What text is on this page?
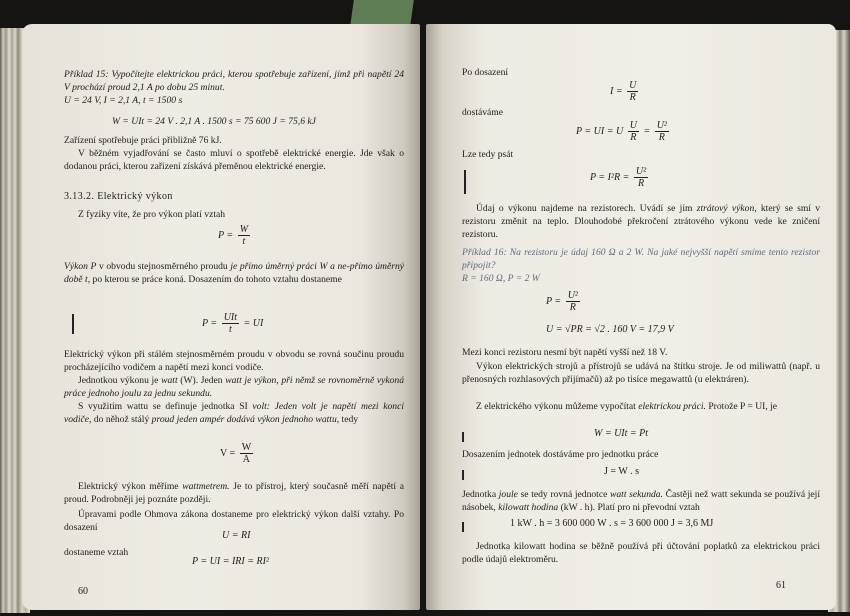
Příklad 15: Vypočítejte elektrickou práci, kterou spotřebuje zařízení, jímž při napětí 24 V prochází proud 2,1 A po dobu 25 minut.
U = 24 V, I = 2,1 A, t = 1500 s
W = UIt = 24 V . 2,1 A . 1500 s = 75 600 J = 75,6 kJ
Zařízení spotřebuje práci přibližně 76 kJ.
V běžném vyjadřování se často mluví o spotřebě elektrické energie. Jde však o dodanou práci, kterou zařízení získává přeměnou elektrické energie.
3.13.2. Elektrický výkon
Z fyziky víte, že pro výkon platí vztah
$P = \frac{W}{t}$
Výkon P v obvodu stejnosměrného proudu je přímo úměrný práci W a ne-přímo úměrný době t, po kterou se práce koná. Dosazením do tohoto vztahu dostaneme
$P = \frac{\text{UIt}}{t}$ = UI
Elektrický výkon při stálém stejnosměrném proudu v obvodu se rovná součinu proudu procházejícího vodičem a napětí mezi konci vodiče.
Jednotkou výkonu je watt (W). Jeden watt je výkon, při němž se rovnoměrně vykoná práce jednoho joulu za jednu sekundu.
S využitím wattu se definuje jednotka SI volt: Jeden volt je napětí mezi konci vodiče, do něhož stálý proud jeden ampér dodává výkon jednoho wattu, tedy
$V = \frac{W}{A}$
Elektrický výkon měříme wattmetrem. Je to přístroj, který současně měří napětí a proud. Podrobněji jej poznáte později.
Úpravami podle Ohmova zákona dostaneme pro elektrický výkon další vztahy. Po dosazení
U = RI
dostaneme vztah
P = UI = IRI = RI²
60
Po dosazení
$I = \frac{U}{R}$
dostáváme
P = UI = U $\frac{U}{R} = \frac{\text{U²}}{R}$
Lze tedy psát
$P = I^2R = \frac{\text{U²}}{R}$
Údaj o výkonu najdeme na rezistorech. Uvádí se jím ztrátový výkon, který se smí v rezistoru změnit na teplo. Dlouhodobé překročení ztrátového výkonu vede ke zničení rezistoru.
Příklad 16: Na rezistoru je údaj 160 Ω a 2 W. Na jaké nejvyšší napětí smíme tento rezistor připojit?
R = 160 Ω, P = 2 W
$P = \frac{\text{U²}}{R}$
U = √PR = √2 . 160 V = 17,9 V
Mezi konci rezistoru nesmí být napětí vyšší než 18 V.
Výkon elektrických strojů a přístrojů se udává na štítku stroje. Je od miliwattů (např. u přenosných rozhlasových přijímačů) až po tisíce megawattů (u elektráren).
Z elektrického výkonu můžeme vypočítat elektrickou práci. Protože P = UI, je
W = UIt = Pt
Dosazením jednotek dostáváme pro jednotku práce
J = W . s
Jednotka joule se tedy rovná jednotce watt sekunda. Častěji než watt sekunda se používá její násobek, kilowatt hodina (kW . h). Platí pro ni převodní vztah
1 kW . h = 3 600 000 W . s = 3 600 000 J = 3,6 MJ
Jednotka kilowatt hodina se běžně používá při účtování poplatků za elektrickou práci podle údajů elektroměru.
61
